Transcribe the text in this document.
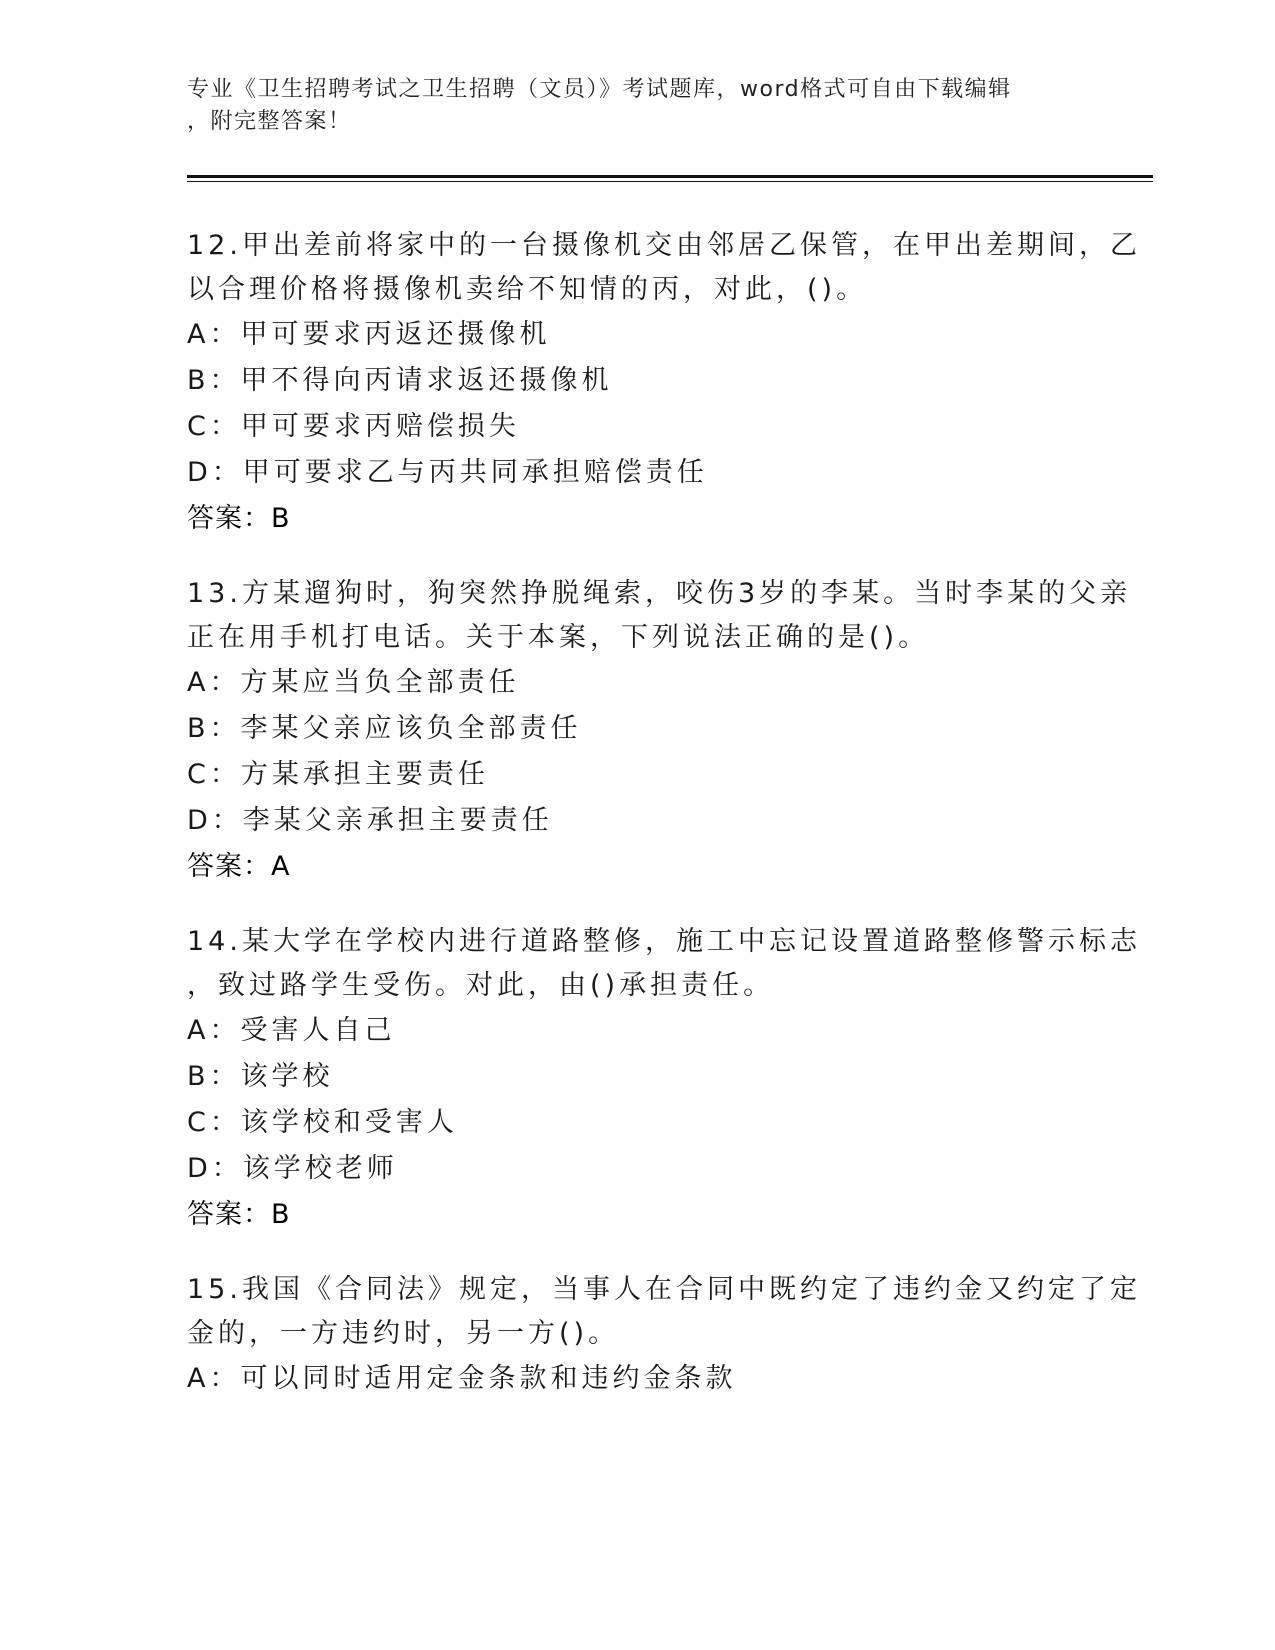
专业《卫生招聘考试之卫生招聘（文员）》考试题库，word格式可自由下载编辑
，附完整答案！
12.甲出差前将家中的一台摄像机交由邻居乙保管，在甲出差期间，乙
以合理价格将摄像机卖给不知情的丙，对此，()。
A：甲可要求丙返还摄像机
B：甲不得向丙请求返还摄像机
C：甲可要求丙赔偿损失
D：甲可要求乙与丙共同承担赔偿责任
答案：B
13.方某遛狗时，狗突然挣脱绳索，咬伤3岁的李某。当时李某的父亲
正在用手机打电话。关于本案，下列说法正确的是()。
A：方某应当负全部责任
B：李某父亲应该负全部责任
C：方某承担主要责任
D：李某父亲承担主要责任
答案：A
14.某大学在学校内进行道路整修，施工中忘记设置道路整修警示标志
，致过路学生受伤。对此，由()承担责任。
A：受害人自己
B：该学校
C：该学校和受害人
D：该学校老师
答案：B
15.我国《合同法》规定，当事人在合同中既约定了违约金又约定了定
金的，一方违约时，另一方()。
A：可以同时适用定金条款和违约金条款
